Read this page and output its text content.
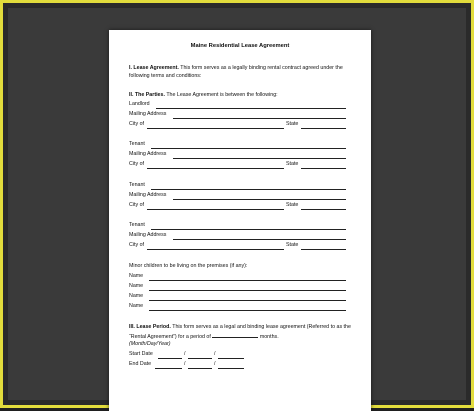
Maine Residential Lease Agreement
I. Lease Agreement. This form serves as a legally binding rental contract agreed under the following terms and conditions:
II. The Parties. The Lease Agreement is between the following:
Landlord
Mailing Address
City of	State
Tenant
Mailing Address
City of	State
Tenant
Mailing Address
City of	State
Tenant
Mailing Address
City of	State
Minor children to be living on the premises (if any):
Name
Name
Name
Name
III. Lease Period. This form serves as a legal and binding lease agreement (Referred to as the “Rental Agreement”) for a period of	months.
(Month/Day/Year)
Start Date	/	/
End Date	/	/
